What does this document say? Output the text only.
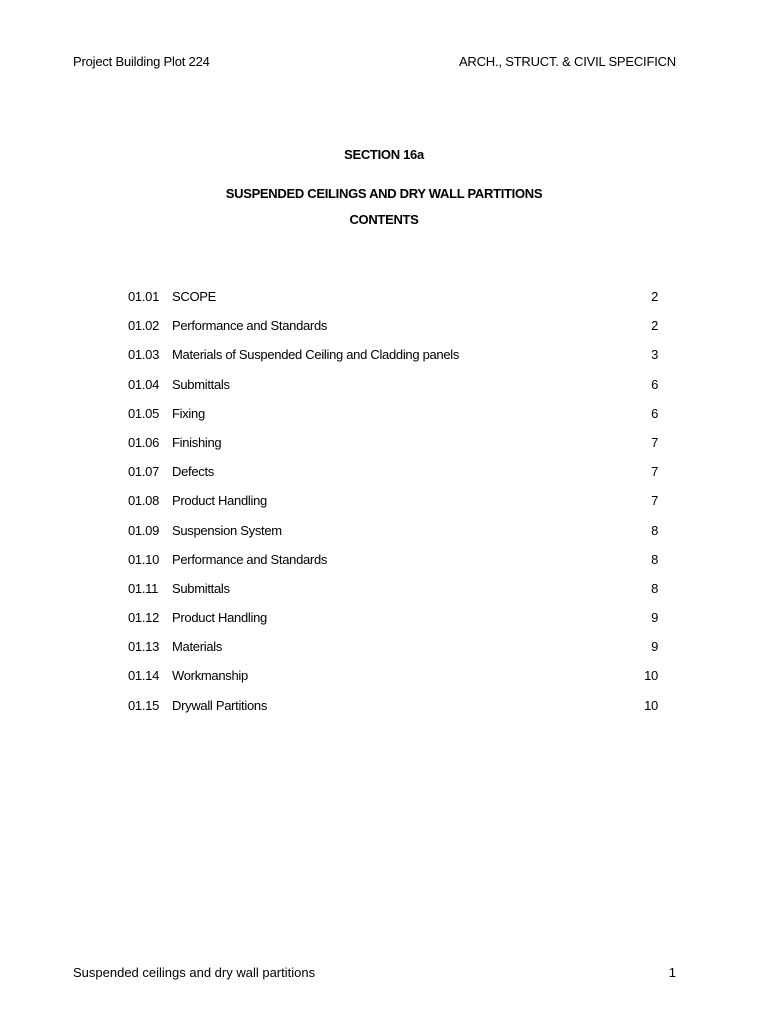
Project Building Plot 224	ARCH., STRUCT. & CIVIL SPECIFICN
SECTION 16a
SUSPENDED CEILINGS AND DRY WALL PARTITIONS
CONTENTS
01.01 SCOPE	2
01.02 Performance and Standards	2
01.03 Materials of Suspended Ceiling and Cladding panels	3
01.04 Submittals	6
01.05 Fixing	6
01.06 Finishing	7
01.07 Defects	7
01.08 Product Handling	7
01.09 Suspension System	8
01.10 Performance and Standards	8
01.11 Submittals	8
01.12 Product Handling	9
01.13 Materials	9
01.14 Workmanship	10
01.15 Drywall Partitions	10
Suspended ceilings and dry wall partitions	1
